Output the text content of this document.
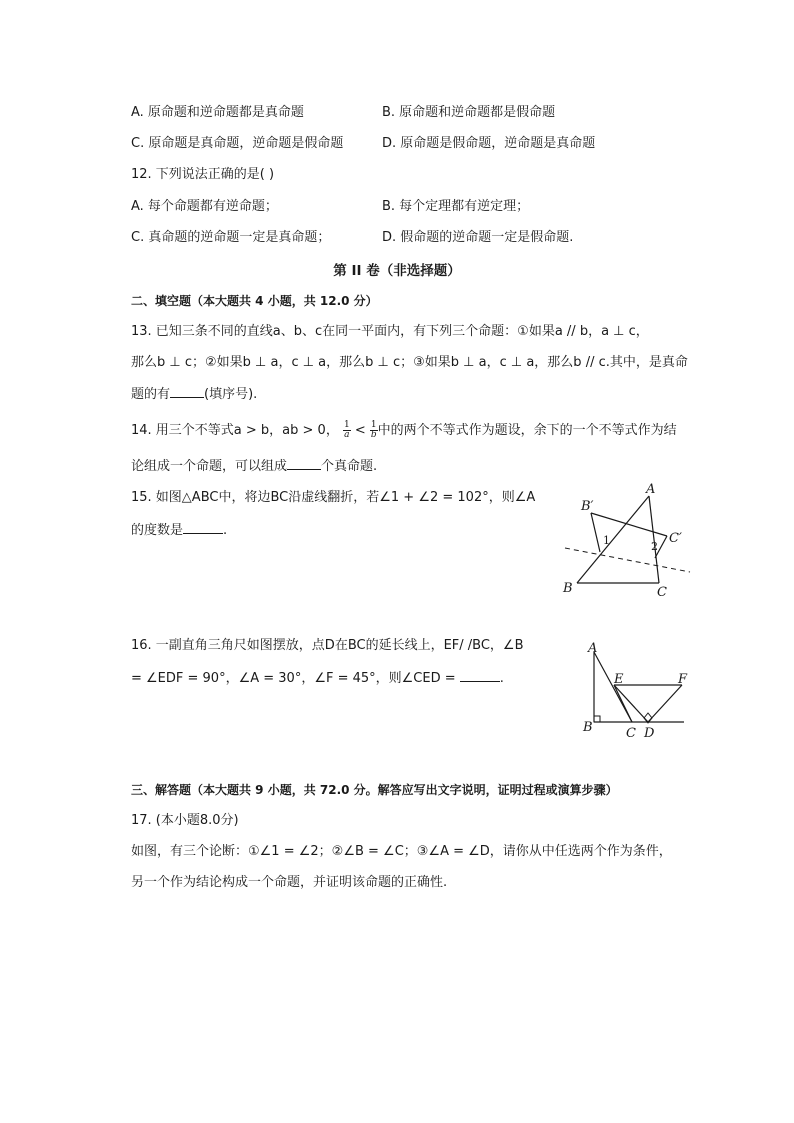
A. 原命题和逆命题都是真命题	B. 原命题和逆命题都是假命题
C. 原命题是真命题，逆命题是假命题	D. 原命题是假命题，逆命题是真命题
12. 下列说法正确的是( )
A. 每个命题都有逆命题；	B. 每个定理都有逆定理；
C. 真命题的逆命题一定是真命题；	D. 假命题的逆命题一定是假命题.
第 II 卷（非选择题）
二、填空题（本大题共 4 小题，共 12.0 分）
13. 已知三条不同的直线a、b、c在同一平面内，有下列三个命题：①如果a // b，a ⊥ c，
那么b ⊥ c；②如果b ⊥ a，c ⊥ a，那么b ⊥ c；③如果b ⊥ a，c ⊥ a，那么b // c.其中，是真命
题的有	(填序号).
14. 用三个不等式a > b，ab > 0， $\frac{1}{a} < \frac{1}{b}$ 中的两个不等式作为题设，余下的一个不等式作为结
论组成一个命题，可以组成	个真命题.
15. 如图△ABC中，将边BC沿虚线翻折，若∠1 + ∠2 = 102°，则∠A
的度数是	.
A
B′
C′
1	2
B	C
16. 一副直角三角尺如图摆放，点D在BC的延长线上，EF/ /BC，∠B
= ∠EDF = 90°，∠A = 30°，∠F = 45°，则∠CED =	.
A
E	F
B	C D
三、解答题（本大题共 9 小题，共 72.0 分。解答应写出文字说明，证明过程或演算步骤）
17. (本小题8.0分)
如图，有三个论断：①∠1 = ∠2；②∠B = ∠C；③∠A = ∠D，请你从中任选两个作为条件，
另一个作为结论构成一个命题，并证明该命题的正确性.
